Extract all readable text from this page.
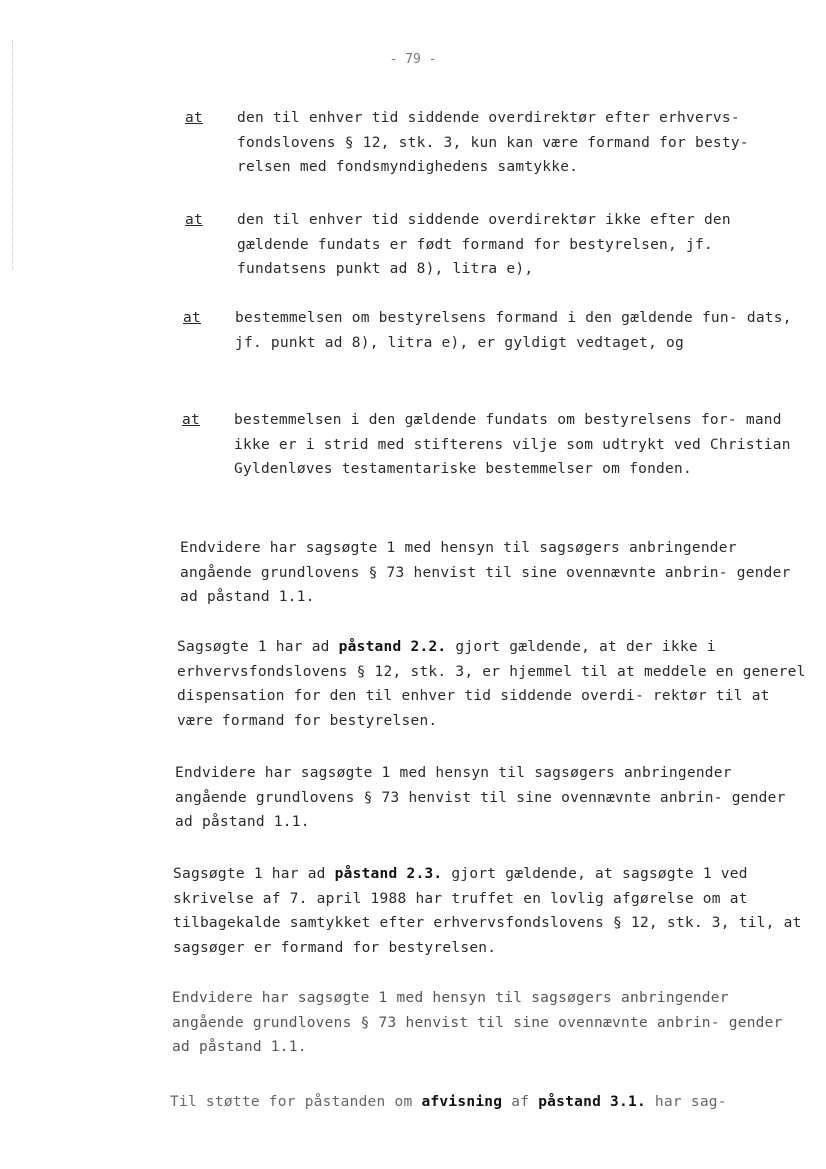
- 79 -
at den til enhver tid siddende overdirektør efter erhvervs- fondslovens § 12, stk. 3, kun kan være formand for besty- relsen med fondsmyndighedens samtykke.
at den til enhver tid siddende overdirektør ikke efter den gældende fundats er født formand for bestyrelsen, jf. fundatsens punkt ad 8), litra e),
at bestemmelsen om bestyrelsens formand i den gældende fun- dats, jf. punkt ad 8), litra e), er gyldigt vedtaget, og
at bestemmelsen i den gældende fundats om bestyrelsens for- mand ikke er i strid med stifterens vilje som udtrykt ved Christian Gyldenløves testamentariske bestemmelser om fonden.
Endvidere har sagsøgte 1 med hensyn til sagsøgers anbringender angående grundlovens § 73 henvist til sine ovennævnte anbrin- gender ad påstand 1.1.
Sagsøgte 1 har ad påstand 2.2. gjort gældende, at der ikke i erhvervsfondslovens § 12, stk. 3, er hjemmel til at meddele en generel dispensation for den til enhver tid siddende overdi- rektør til at være formand for bestyrelsen.
Endvidere har sagsøgte 1 med hensyn til sagsøgers anbringender angående grundlovens § 73 henvist til sine ovennævnte anbrin- gender ad påstand 1.1.
Sagsøgte 1 har ad påstand 2.3. gjort gældende, at sagsøgte 1 ved skrivelse af 7. april 1988 har truffet en lovlig afgørelse om at tilbagekalde samtykket efter erhvervsfondslovens § 12, stk. 3, til, at sagsøger er formand for bestyrelsen.
Endvidere har sagsøgte 1 med hensyn til sagsøgers anbringender angående grundlovens § 73 henvist til sine ovennævnte anbrin- gender ad påstand 1.1.
Til støtte for påstanden om afvisning af påstand 3.1. har sag-
